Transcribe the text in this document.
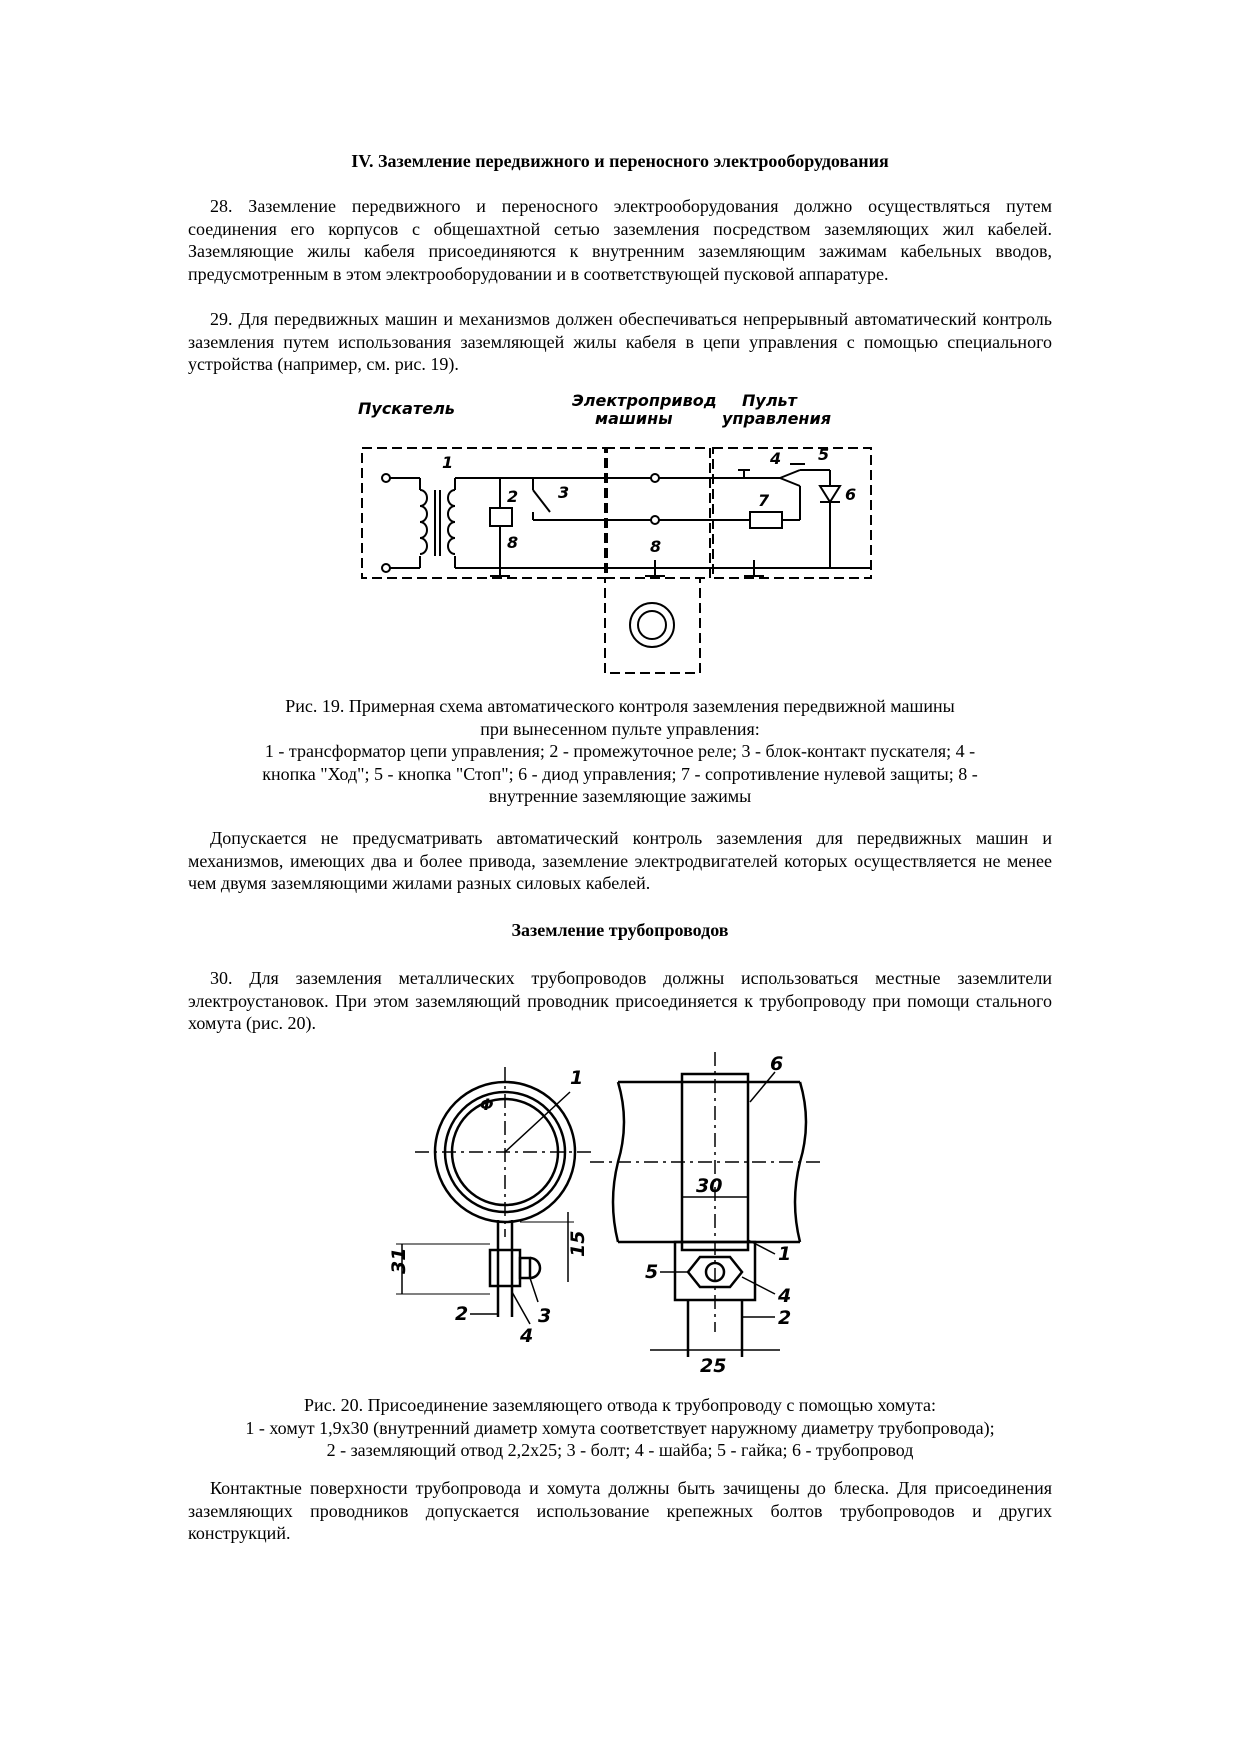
IV. Заземление передвижного и переносного электрооборудования
28. Заземление передвижного и переносного электрооборудования должно осуществляться путем соединения его корпусов с общешахтной сетью заземления посредством заземляющих жил кабелей. Заземляющие жилы кабеля присоединяются к внутренним заземляющим зажимам кабельных вводов, предусмотренным в этом электрооборудовании и в соответствующей пусковой аппаратуре.
29. Для передвижных машин и механизмов должен обеспечиваться непрерывный автоматический контроль заземления путем использования заземляющей жилы кабеля в цепи управления с помощью специального устройства (например, см. рис. 19).
Рис. 19. Примерная схема автоматического контроля заземления передвижной машины
при вынесенном пульте управления:
1 - трансформатор цепи управления; 2 - промежуточное реле; 3 - блок-контакт пускателя; 4 -
кнопка "Ход"; 5 - кнопка "Стоп"; 6 - диод управления; 7 - сопротивление нулевой защиты; 8 -
внутренние заземляющие зажимы
Допускается не предусматривать автоматический контроль заземления для передвижных машин и механизмов, имеющих два и более привода, заземление электродвигателей которых осуществляется не менее чем двумя заземляющими жилами разных силовых кабелей.
Заземление трубопроводов
30. Для заземления металлических трубопроводов должны использоваться местные заземлители электроустановок. При этом заземляющий проводник присоединяется к трубопроводу при помощи стального хомута (рис. 20).
Рис. 20. Присоединение заземляющего отвода к трубопроводу с помощью хомута:
1 - хомут 1,9х30 (внутренний диаметр хомута соответствует наружному диаметру трубопровода);
2 - заземляющий отвод 2,2х25; 3 - болт; 4 - шайба; 5 - гайка; 6 - трубопровод
Контактные поверхности трубопровода и хомута должны быть зачищены до блеска. Для присоединения заземляющих проводников допускается использование крепежных болтов трубопроводов и других конструкций.
Пускатель	Электропривод
машины
Пульт
управления
1
2 3
4 5
6
7
8	8
1
Φ
31
15
3
4
2
6
30
1
5
4
2
25
